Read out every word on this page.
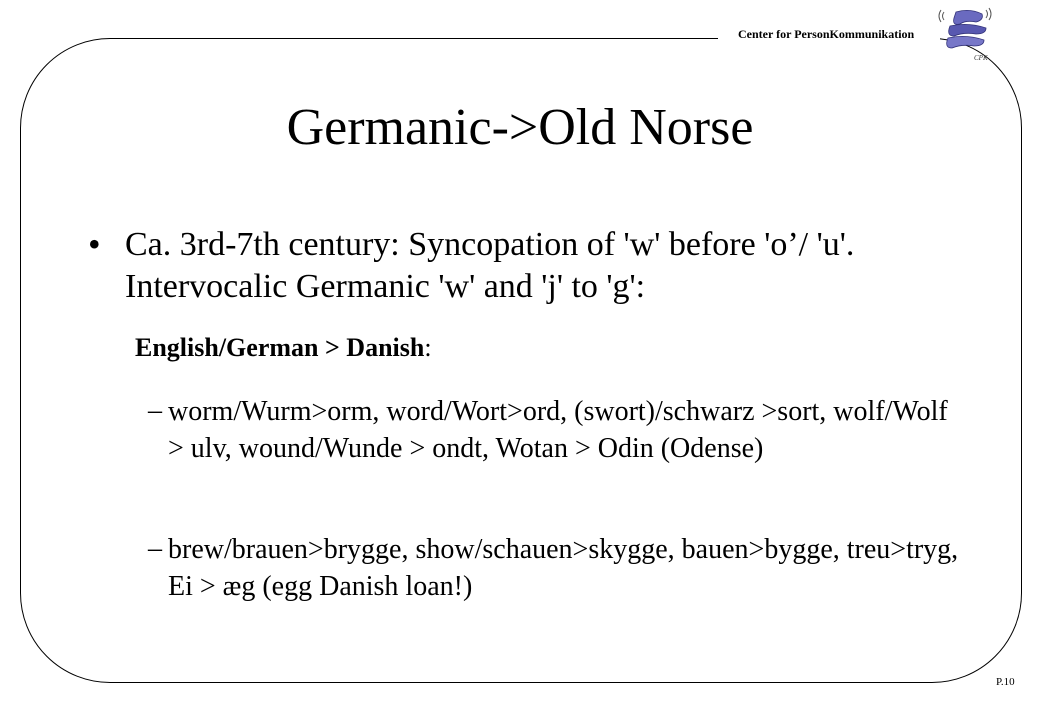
Center for PersonKommunikation
CPK
Germanic->Old Norse
• Ca. 3rd-7th century: Syncopation of 'w' before 'o’/ 'u'. Intervocalic Germanic 'w' and 'j' to 'g':
English/German > Danish:
– worm/Wurm>orm, word/Wort>ord, (swort)/schwarz >sort, wolf/Wolf > ulv, wound/Wunde > ondt, Wotan > Odin (Odense)
– brew/brauen>brygge, show/schauen>skygge, bauen>bygge, treu>tryg, Ei > æg (egg Danish loan!)
P.10
